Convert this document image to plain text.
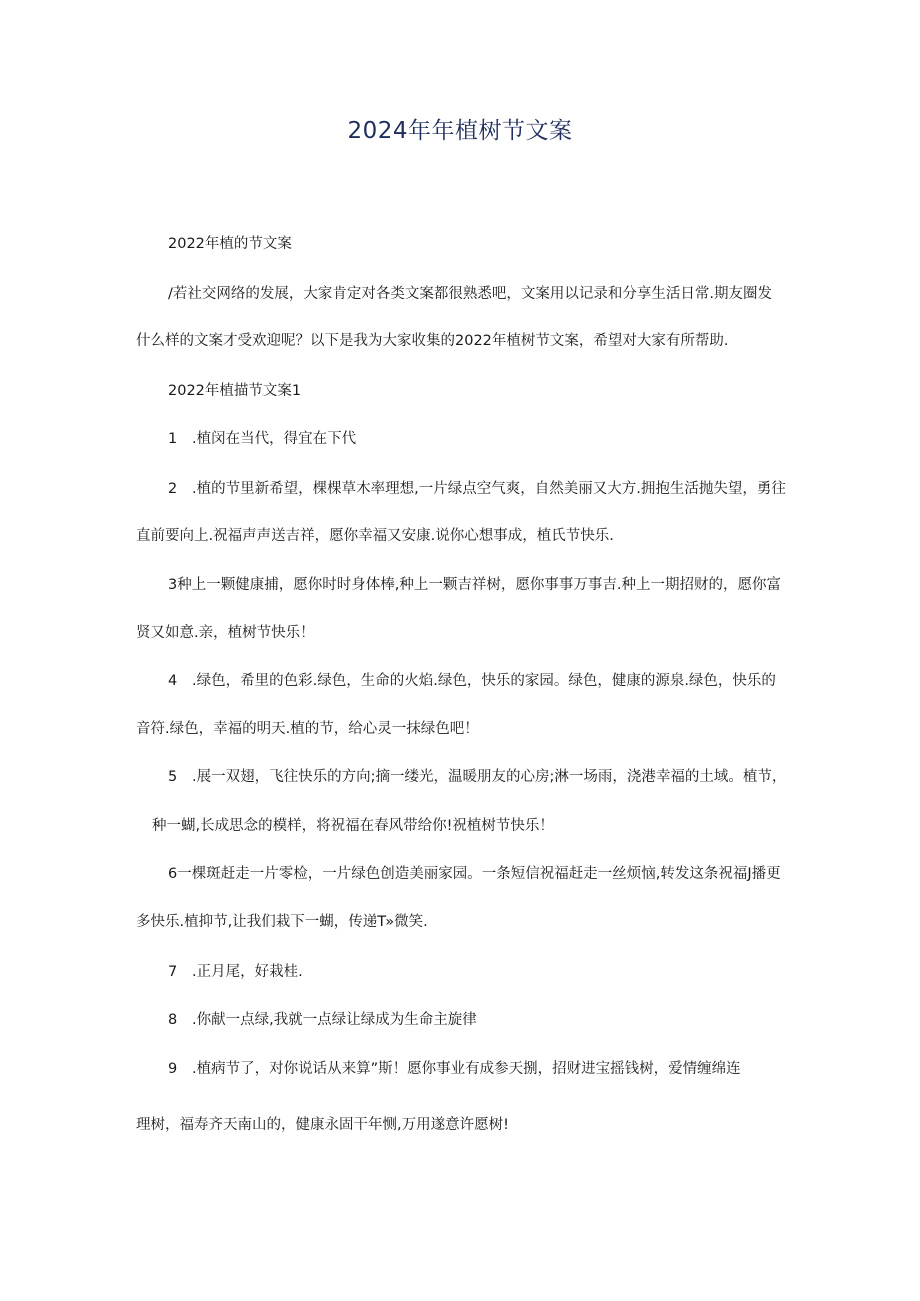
2024年年植树节文案
2022年植的节文案
/若社交网络的发展，大家肯定对各类文案都很熟悉吧，文案用以记录和分享生活日常.期友圈发
什么样的文案才受欢迎呢？以下是我为大家收集的2022年植树节文案，希望对大家有所帮助.
2022年植描节文案1
1 .植闵在当代，得宜在下代
2 .植的节里新希望，棵棵草木率理想,一片绿点空气爽，自然美丽又大方.拥抱生活抛失望，勇往
直前要向上.祝福声声送吉祥，愿你幸福又安康.说你心想事成，植氏节快乐.
3种上一颗健康捕，愿你时时身体棒,种上一颗吉祥树，愿你事事万事吉.种上一期招财的，愿你富
贤又如意.亲，植树节快乐！
4 .绿色，希里的色彩.绿色，生命的火焰.绿色，快乐的家园。绿色，健康的源泉.绿色，快乐的
音符.绿色，幸福的明天.植的节，给心灵一抹绿色吧！
5 .展一双翅，飞往快乐的方向;摘一缕光，温暖朋友的心房;淋一场雨，浇港幸福的土域。植节，
种一蝴,长成思念的模样，将祝福在春风带给你!祝植树节快乐！
6一棵斑赶走一片零检，一片绿色创造美丽家园。一条短信祝福赶走一丝烦恼,转发这条祝福J播更
多快乐.植抑节,让我们栽下一蝴，传递T»微笑.
7 .正月尾，好栽桂.
8 .你献一点绿,我就一点绿让绿成为生命主旋律
9 .植病节了，对你说话从来算”斯！愿你事业有成参天捌，招财进宝摇钱树，爱情缠绵连
理树，福寿齐天南山的，健康永固干年恻,万用遂意许愿树!
